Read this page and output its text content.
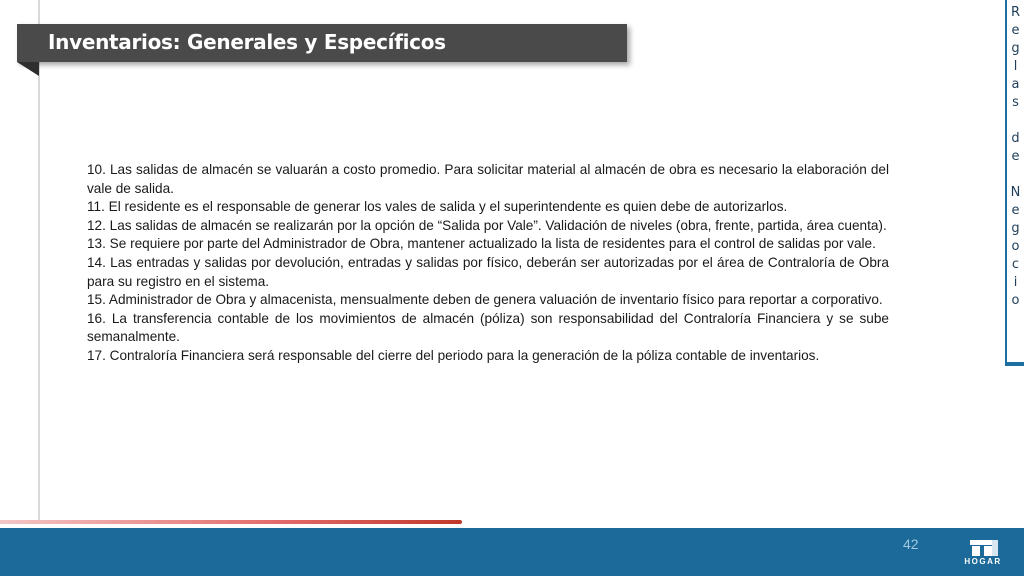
Inventarios: Generales y Específicos
R
e
g
l
a
s
d
e
N
e
g
o
c
i
o

10. Las salidas de almacén se valuarán a costo promedio. Para solicitar material al almacén de obra es necesario la elaboración del vale de salida.

11. El residente es el responsable de generar los vales de salida y el superintendente es quien debe de autorizarlos.

12. Las salidas de almacén se realizarán por la opción de “Salida por Vale”. Validación de niveles (obra, frente, partida, área cuenta).

13. Se requiere por parte del Administrador de Obra, mantener actualizado la lista de residentes para el control de salidas por vale.

14. Las entradas y salidas por devolución, entradas y salidas por físico, deberán ser autorizadas por el área de Contraloría de Obra para su registro en el sistema.

15. Administrador de Obra y almacenista, mensualmente deben de genera valuación de inventario físico para reportar a corporativo.

16. La transferencia contable de los movimientos de almacén (póliza) son responsabilidad del Contraloría Financiera y se sube semanalmente.

17. Contraloría Financiera será responsable del cierre del periodo para la generación de la póliza contable de inventarios.

42
HOGAR
